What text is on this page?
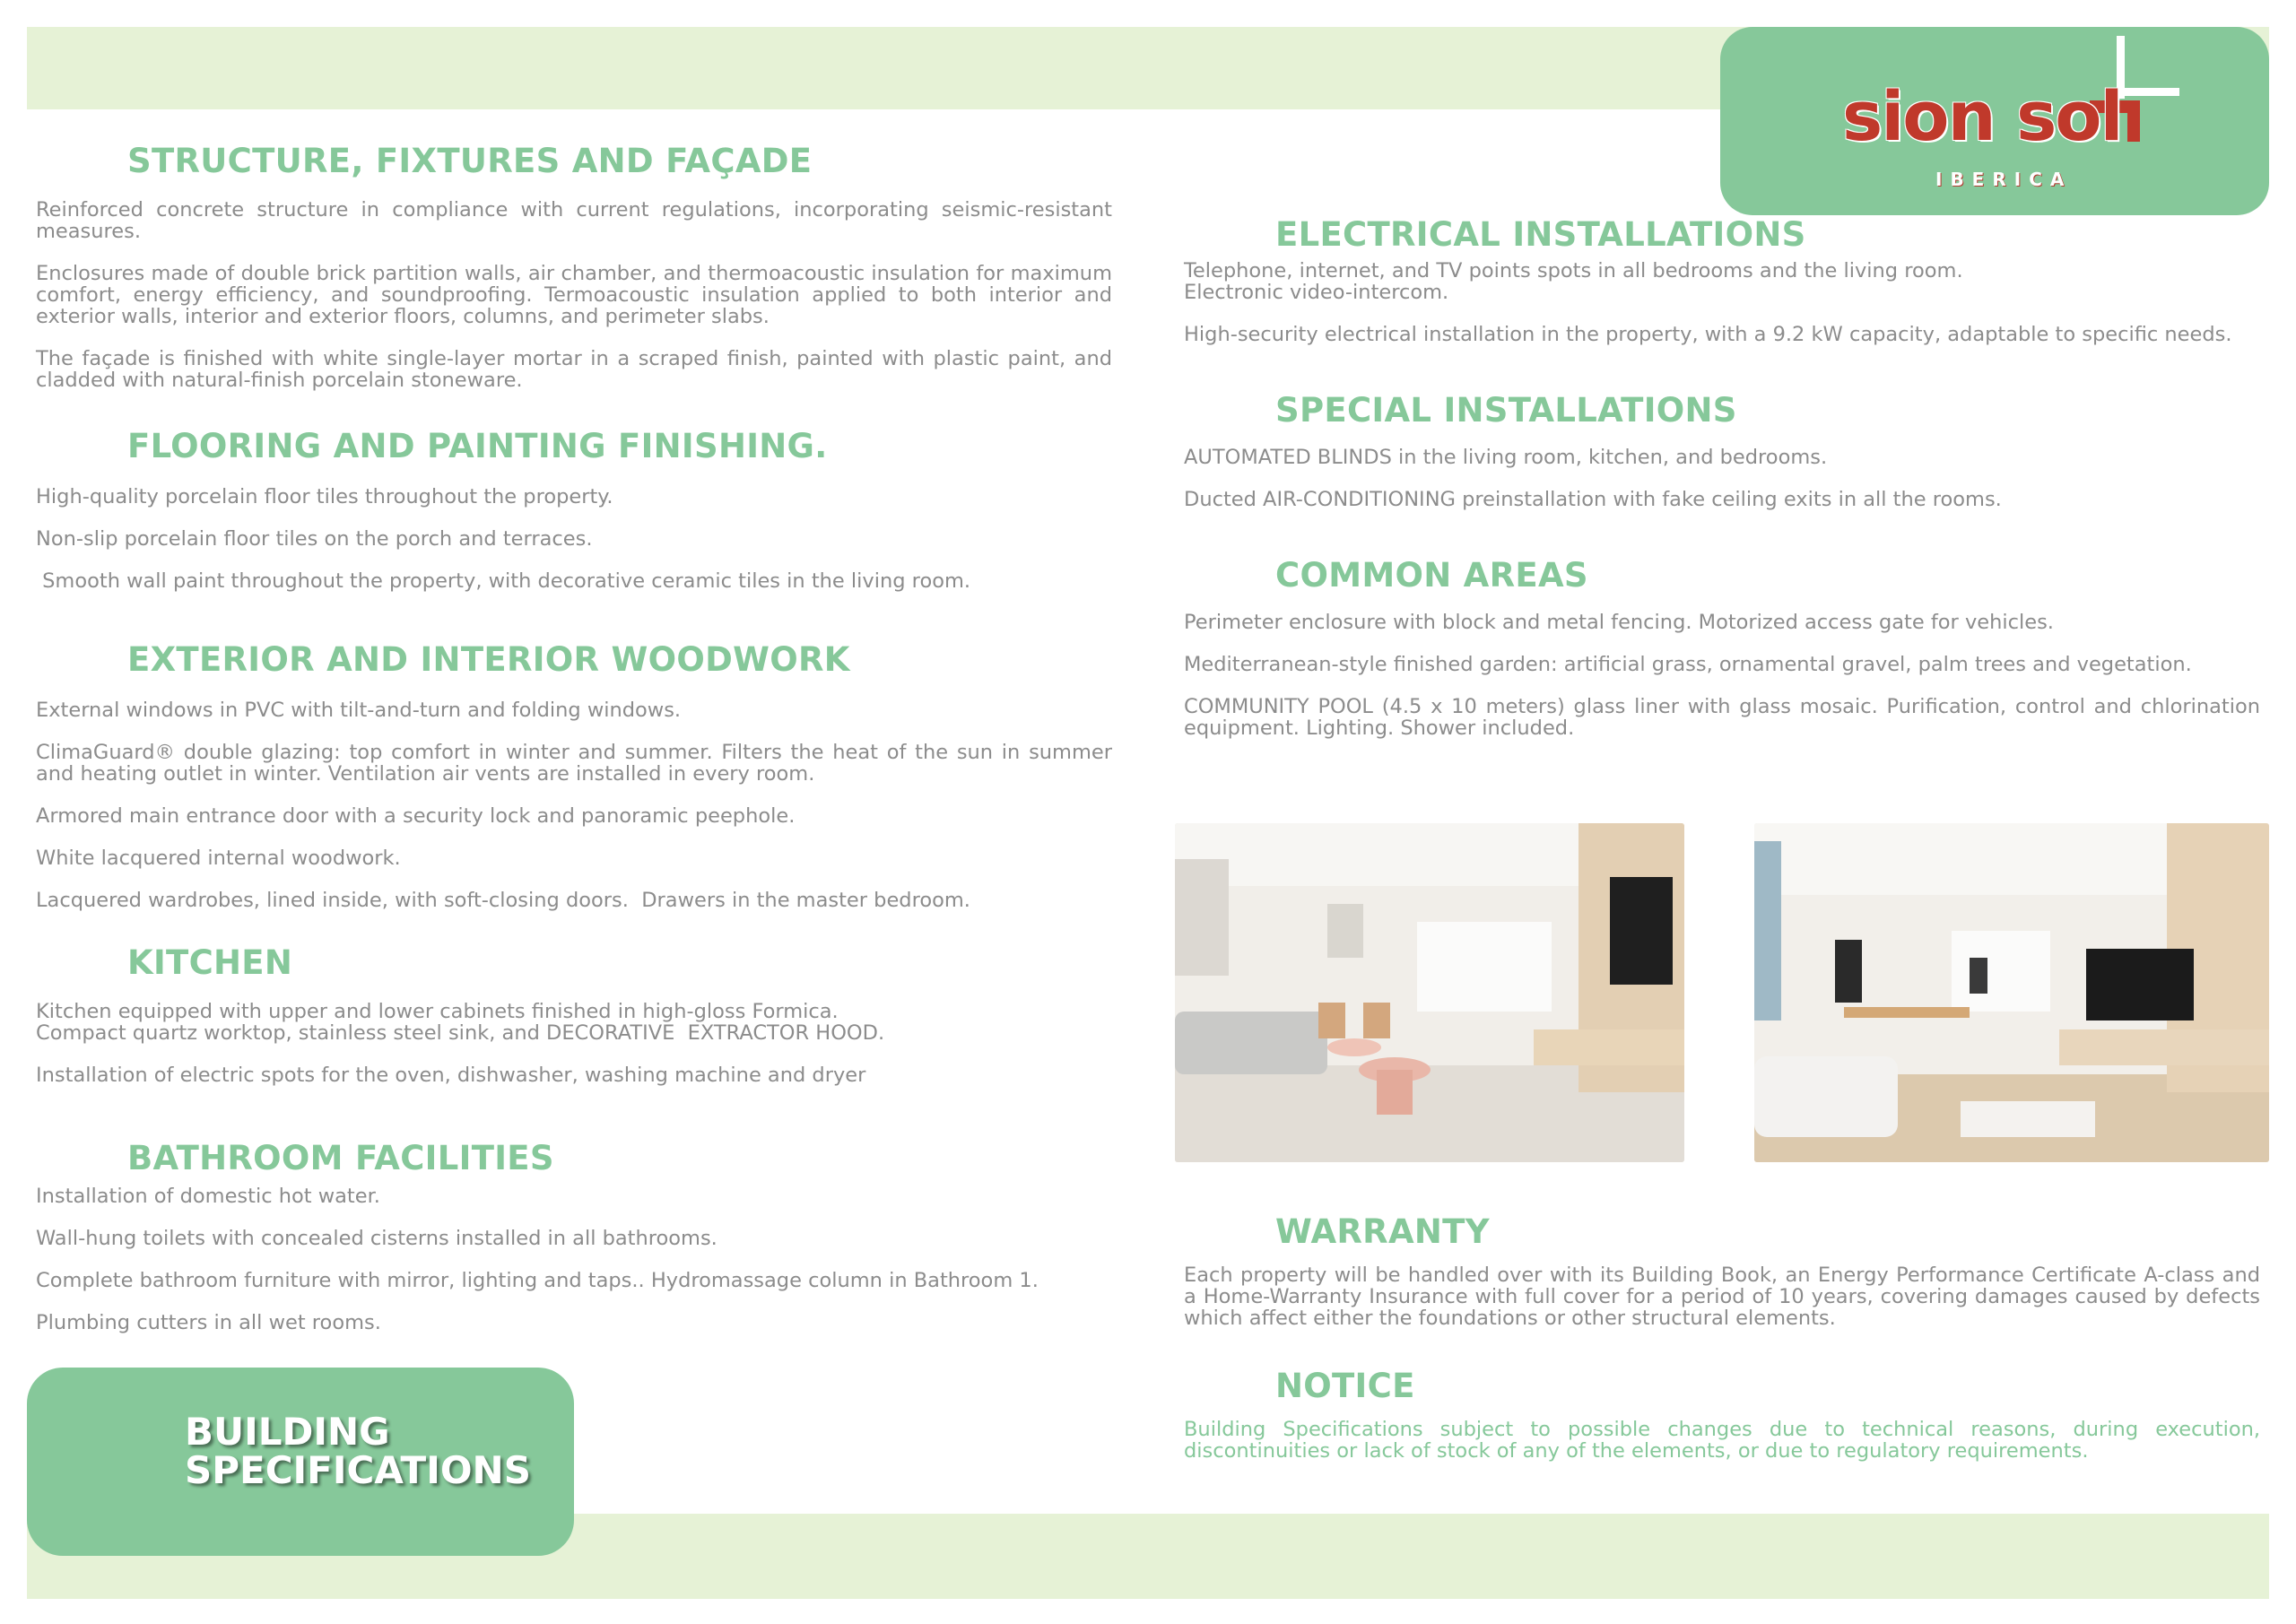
sion sol
IBERICA
STRUCTURE, FIXTURES AND FAÇADE

Reinforced concrete structure in compliance with current regulations, incorporating seismic-resistant measures.

Enclosures made of double brick partition walls, air chamber, and thermoacoustic insulation for maximum comfort, energy efficiency, and soundproofing. Termoacoustic insulation applied to both interior and exterior walls, interior and exterior floors, columns, and perimeter slabs.

The façade is finished with white single-layer mortar in a scraped finish, painted with plastic paint, and cladded with natural-finish porcelain stoneware.

FLOORING AND PAINTING FINISHING.

High-quality porcelain floor tiles throughout the property.

Non-slip porcelain floor tiles on the porch and terraces.

Smooth wall paint throughout the property, with decorative ceramic tiles in the living room.

EXTERIOR AND INTERIOR WOODWORK

External windows in PVC with tilt-and-turn and folding windows.

ClimaGuard® double glazing: top comfort in winter and summer. Filters the heat of the sun in summer and heating outlet in winter. Ventilation air vents are installed in every room.

Armored main entrance door with a security lock and panoramic peephole.

White lacquered internal woodwork.

Lacquered wardrobes, lined inside, with soft-closing doors.  Drawers in the master bedroom.

KITCHEN

Kitchen equipped with upper and lower cabinets finished in high-gloss Formica.

Compact quartz worktop, stainless steel sink, and DECORATIVE  EXTRACTOR HOOD.

Installation of electric spots for the oven, dishwasher, washing machine and dryer

BATHROOM FACILITIES

Installation of domestic hot water.

Wall-hung toilets with concealed cisterns installed in all bathrooms.

Complete bathroom furniture with mirror, lighting and taps.. Hydromassage column in Bathroom 1.

Plumbing cutters in all wet rooms.

BUILDING
SPECIFICATIONS

ELECTRICAL INSTALLATIONS

Telephone, internet, and TV points spots in all bedrooms and the living room.

Electronic video-intercom.

High-security electrical installation in the property, with a 9.2 kW capacity, adaptable to specific needs.

SPECIAL INSTALLATIONS

AUTOMATED BLINDS in the living room, kitchen, and bedrooms.

Ducted AIR-CONDITIONING preinstallation with fake ceiling exits in all the rooms.

COMMON AREAS

Perimeter enclosure with block and metal fencing. Motorized access gate for vehicles.

Mediterranean-style finished garden: artificial grass, ornamental gravel, palm trees and vegetation.

COMMUNITY POOL (4.5 x 10 meters) glass liner with glass mosaic. Purification, control and chlorination equipment. Lighting. Shower included.

WARRANTY

Each property will be handled over with its Building Book, an Energy Performance Certificate A-class and a Home-Warranty Insurance with full cover for a period of 10 years, covering damages caused by defects which affect either the foundations or other structural elements.

NOTICE

Building Specifications subject to possible changes due to technical reasons, during execution, discontinuities or lack of stock of any of the elements, or due to regulatory requirements.
